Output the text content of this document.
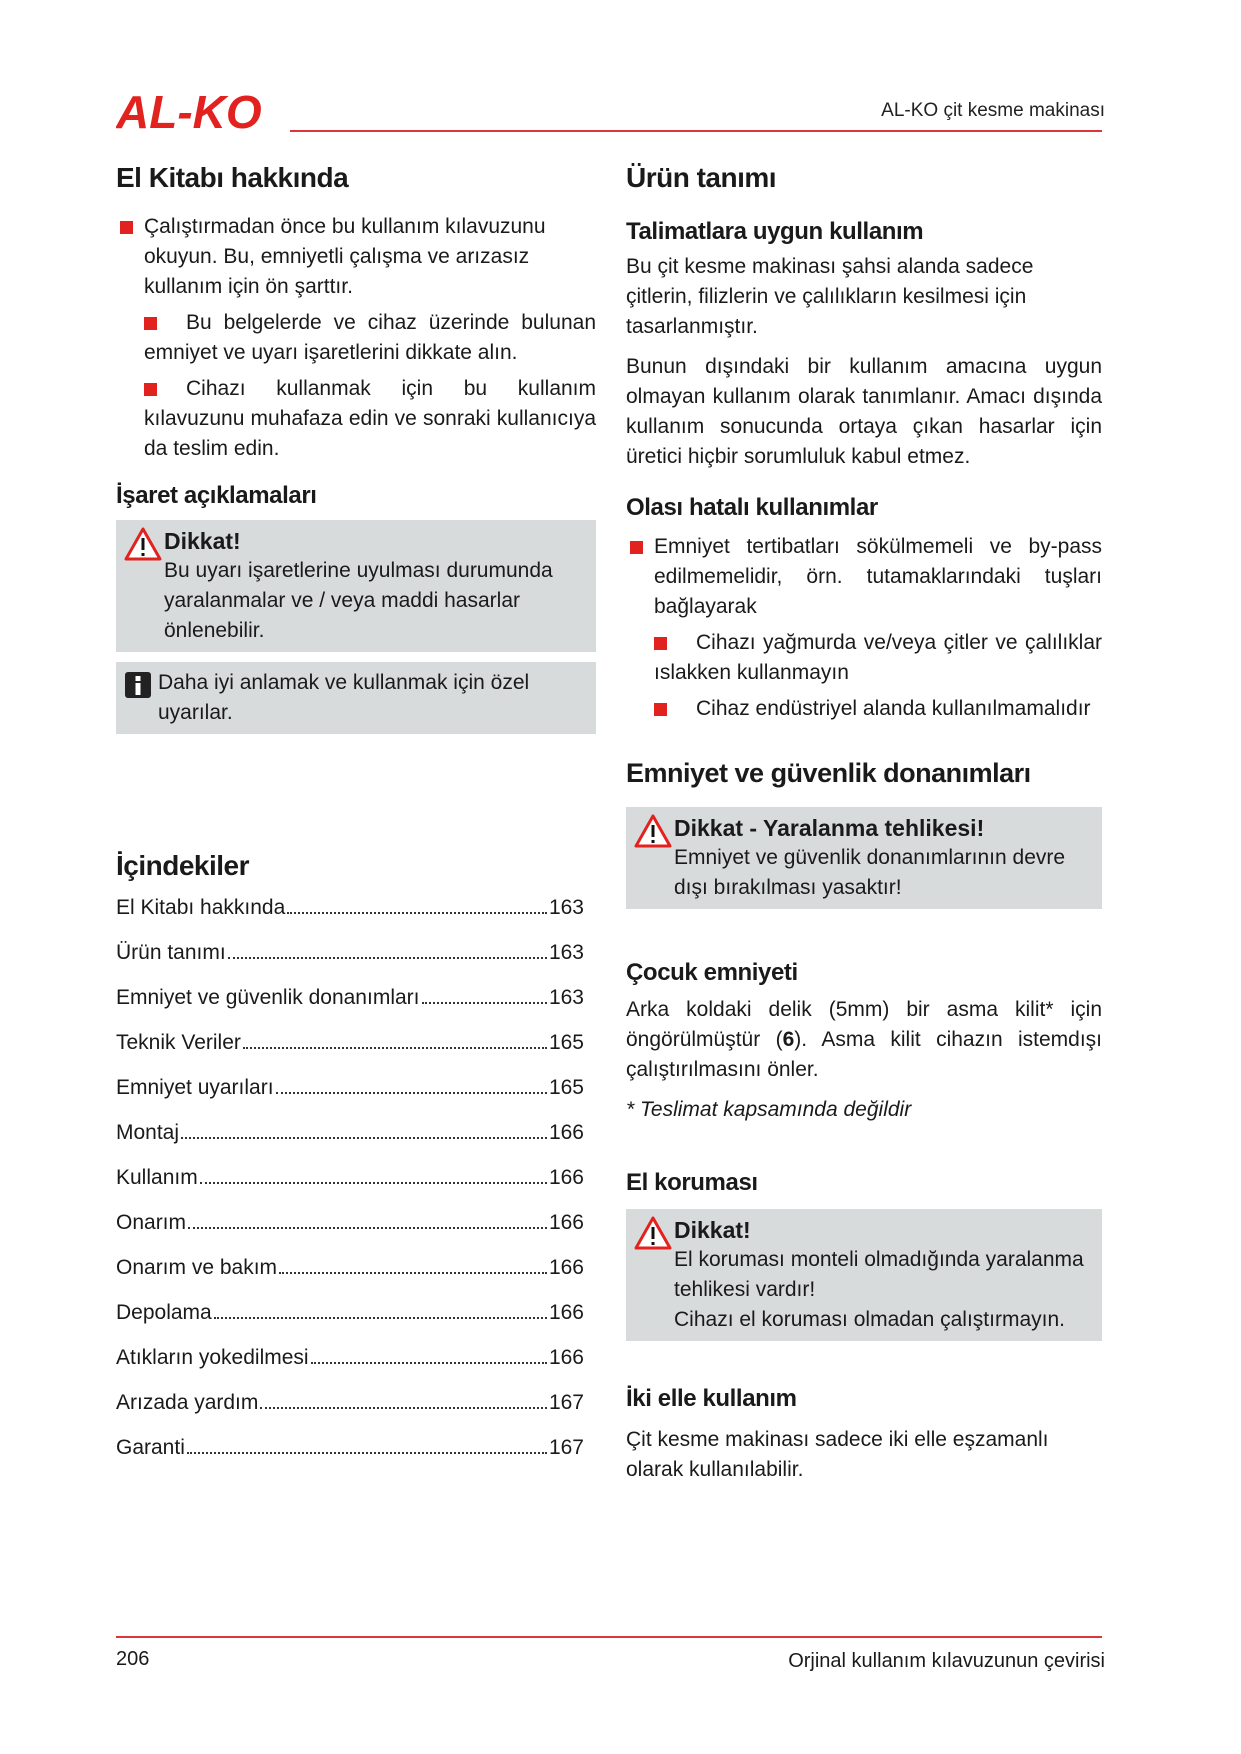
AL-KO	AL-KO çit kesme makinası
El Kitabı hakkında
Çalıştırmadan önce bu kullanım kılavuzunu okuyun. Bu, emniyetli çalışma ve arızasız kullanım için ön şarttır.
Bu belgelerde ve cihaz üzerinde bulunan emniyet ve uyarı işaretlerini dikkate alın.
Cihazı kullanmak için bu kullanım kılavuzunu muhafaza edin ve sonraki kullanıcıya da teslim edin.
İşaret açıklamaları
Dikkat!
Bu uyarı işaretlerine uyulması durumunda yaralanmalar ve / veya maddi hasarlar önlenebilir.
Daha iyi anlamak ve kullanmak için özel uyarılar.
İçindekiler
El Kitabı hakkında	163
Ürün tanımı	163
Emniyet ve güvenlik donanımları	163
Teknik Veriler	165
Emniyet uyarıları	165
Montaj	166
Kullanım	166
Onarım	166
Onarım ve bakım	166
Depolama	166
Atıkların yokedilmesi	166
Arızada yardım	167
Garanti	167
Ürün tanımı
Talimatlara uygun kullanım

Bu çit kesme makinası şahsi alanda sadece çitlerin, filizlerin ve çalılıkların kesilmesi için tasarlanmıştır.

Bunun dışındaki bir kullanım amacına uygun olmayan kullanım olarak tanımlanır. Amacı dışında kullanım sonucunda ortaya çıkan hasarlar için üretici hiçbir sorumluluk kabul etmez.

Olası hatalı kullanımlar
Emniyet tertibatları sökülmemeli ve by-pass edilmemelidir, örn. tutamaklarındaki tuşları bağlayarak
Cihazı yağmurda ve/veya çitler ve çalılıklar ıslakken kullanmayın
Cihaz endüstriyel alanda kullanılmamalıdır
Emniyet ve güvenlik donanımları
Dikkat - Yaralanma tehlikesi!
Emniyet ve güvenlik donanımlarının devre dışı bırakılması yasaktır!
Çocuk emniyeti

Arka koldaki delik (5mm) bir asma kilit* için öngörülmüştür (6). Asma kilit cihazın istemdışı çalıştırılmasını önler.

* Teslimat kapsamında değildir

El koruması
Dikkat!
El koruması monteli olmadığında yaralanma tehlikesi vardır!
Cihazı el koruması olmadan çalıştırmayın.
İki elle kullanım

Çit kesme makinası sadece iki elle eşzamanlı olarak kullanılabilir.

206	Orjinal kullanım kılavuzunun çevirisi
